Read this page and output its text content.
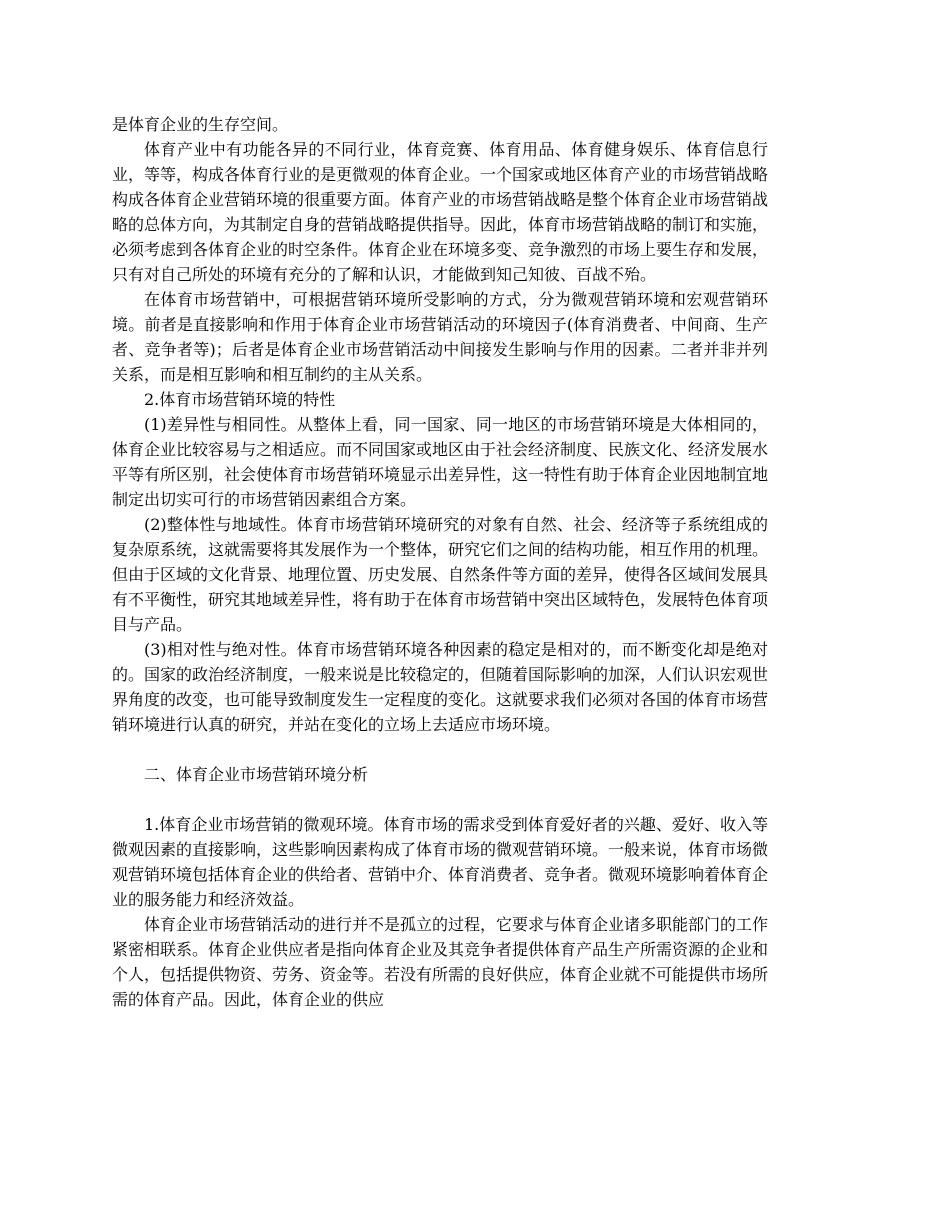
是体育企业的生存空间。

体育产业中有功能各异的不同行业，体育竞赛、体育用品、体育健身娱乐、体育信息行业，等等，构成各体育行业的是更微观的体育企业。一个国家或地区体育产业的市场营销战略构成各体育企业营销环境的很重要方面。体育产业的市场营销战略是整个体育企业市场营销战略的总体方向，为其制定自身的营销战略提供指导。因此，体育市场营销战略的制订和实施，必须考虑到各体育企业的时空条件。体育企业在环境多变、竞争激烈的市场上要生存和发展，只有对自己所处的环境有充分的了解和认识，才能做到知己知彼、百战不殆。

在体育市场营销中，可根据营销环境所受影响的方式，分为微观营销环境和宏观营销环境。前者是直接影响和作用于体育企业市场营销活动的环境因子(体育消费者、中间商、生产者、竞争者等)；后者是体育企业市场营销活动中间接发生影响与作用的因素。二者并非并列关系，而是相互影响和相互制约的主从关系。

2.体育市场营销环境的特性

(1)差异性与相同性。从整体上看，同一国家、同一地区的市场营销环境是大体相同的，体育企业比较容易与之相适应。而不同国家或地区由于社会经济制度、民族文化、经济发展水平等有所区别，社会使体育市场营销环境显示出差异性，这一特性有助于体育企业因地制宜地制定出切实可行的市场营销因素组合方案。

(2)整体性与地域性。体育市场营销环境研究的对象有自然、社会、经济等子系统组成的复杂原系统，这就需要将其发展作为一个整体，研究它们之间的结构功能，相互作用的机理。但由于区域的文化背景、地理位置、历史发展、自然条件等方面的差异，使得各区域间发展具有不平衡性，研究其地域差异性，将有助于在体育市场营销中突出区域特色，发展特色体育项目与产品。

(3)相对性与绝对性。体育市场营销环境各种因素的稳定是相对的，而不断变化却是绝对的。国家的政治经济制度，一般来说是比较稳定的，但随着国际影响的加深，人们认识宏观世界角度的改变，也可能导致制度发生一定程度的变化。这就要求我们必须对各国的体育市场营销环境进行认真的研究，并站在变化的立场上去适应市场环境。

二、体育企业市场营销环境分析

1.体育企业市场营销的微观环境。体育市场的需求受到体育爱好者的兴趣、爱好、收入等微观因素的直接影响，这些影响因素构成了体育市场的微观营销环境。一般来说，体育市场微观营销环境包括体育企业的供给者、营销中介、体育消费者、竞争者。微观环境影响着体育企业的服务能力和经济效益。

体育企业市场营销活动的进行并不是孤立的过程，它要求与体育企业诸多职能部门的工作紧密相联系。体育企业供应者是指向体育企业及其竞争者提供体育产品生产所需资源的企业和个人，包括提供物资、劳务、资金等。若没有所需的良好供应，体育企业就不可能提供市场所需的体育产品。因此，体育企业的供应
